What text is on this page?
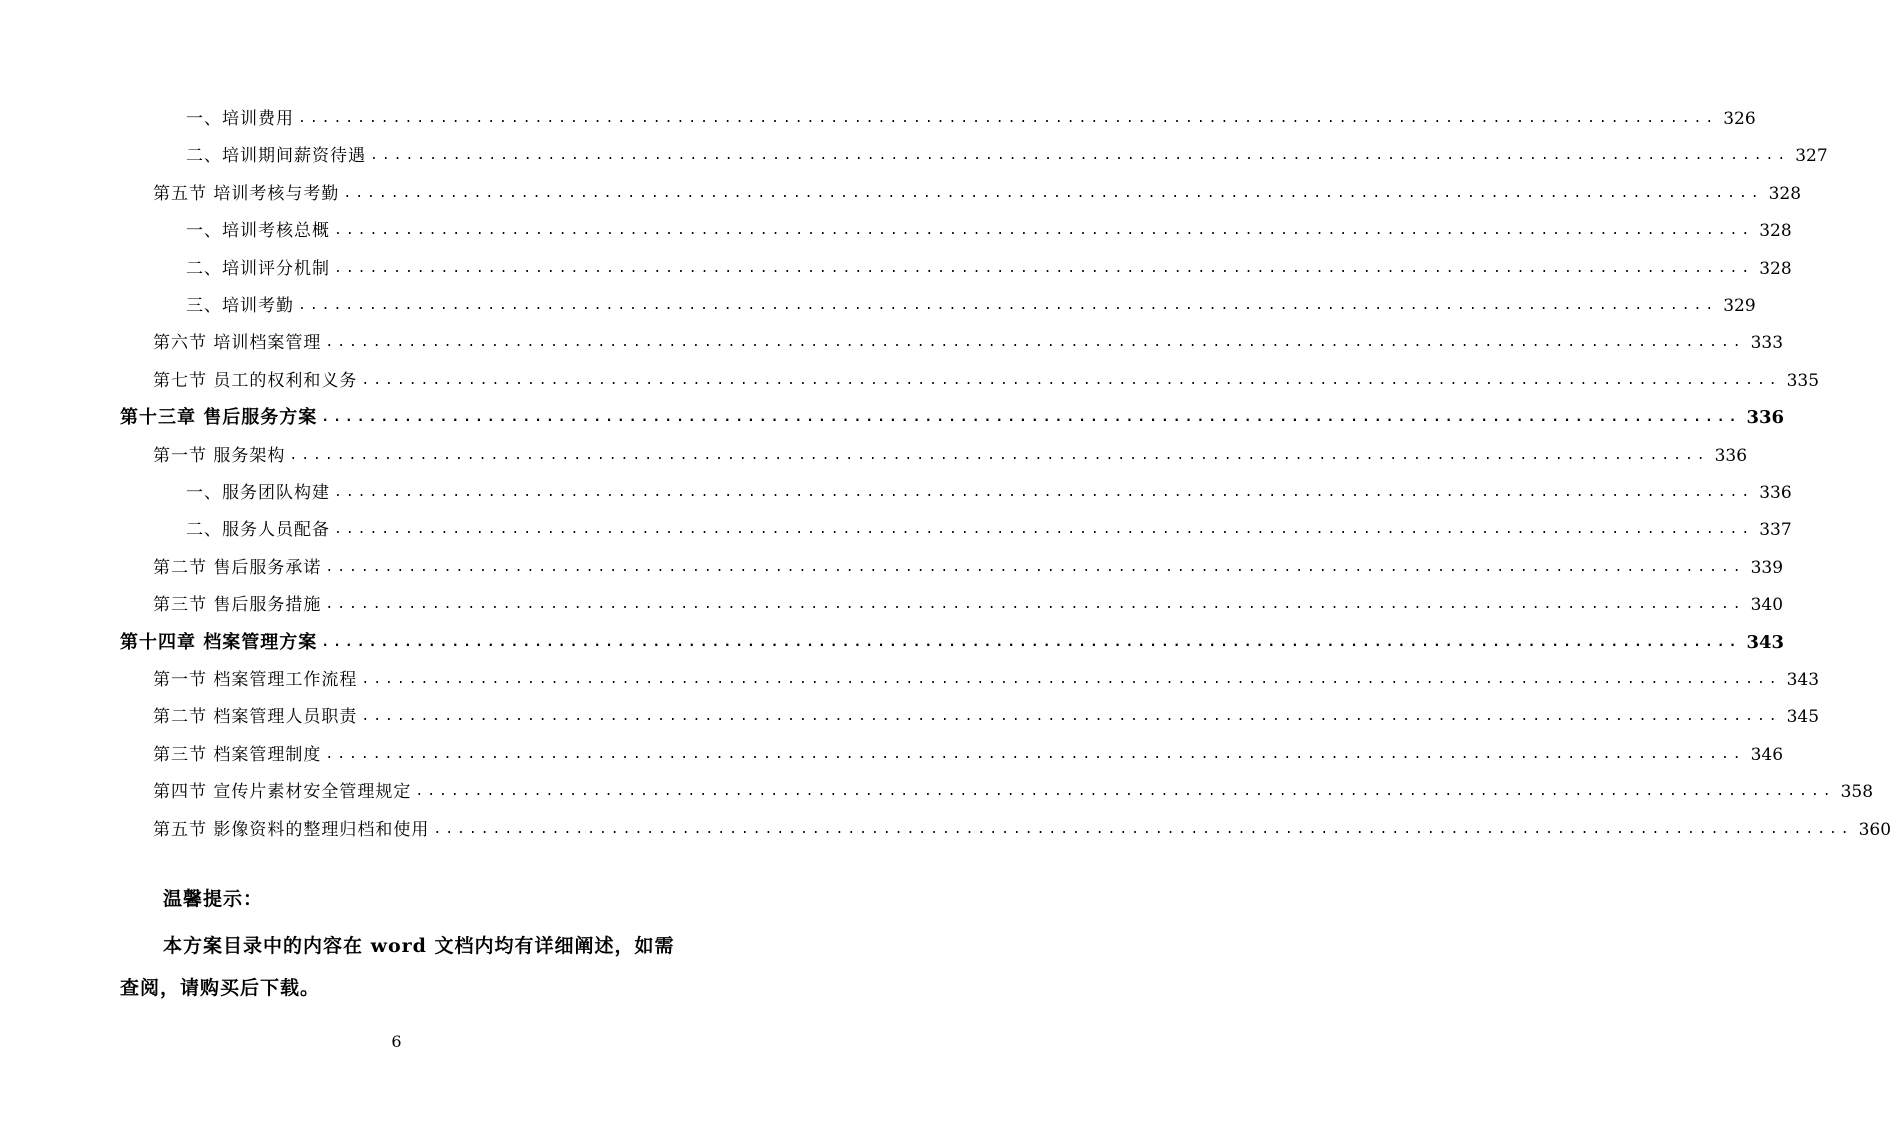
一、培训费用 ........................................................................................................................ 326
二、培训期间薪资待遇 ........................................................................................................................ 327
第五节 培训考核与考勤 ........................................................................................................................ 328
一、培训考核总概 ........................................................................................................................ 328
二、培训评分机制 ........................................................................................................................ 328
三、培训考勤 ........................................................................................................................ 329
第六节 培训档案管理 ........................................................................................................................ 333
第七节 员工的权利和义务 ........................................................................................................................ 335
第十三章 售后服务方案 ........................................................................................................................ 336
第一节 服务架构 ........................................................................................................................ 336
一、服务团队构建 ........................................................................................................................ 336
二、服务人员配备 ........................................................................................................................ 337
第二节 售后服务承诺 ........................................................................................................................ 339
第三节 售后服务措施 ........................................................................................................................ 340
第十四章 档案管理方案 ........................................................................................................................ 343
第一节 档案管理工作流程 ........................................................................................................................ 343
第二节 档案管理人员职责 ........................................................................................................................ 345
第三节 档案管理制度 ........................................................................................................................ 346
第四节 宣传片素材安全管理规定 ........................................................................................................................ 358
第五节 影像资料的整理归档和使用 ........................................................................................................................ 360
温馨提示：
本方案目录中的内容在 word 文档内均有详细阐述，如需查阅，请购买后下载。
6
